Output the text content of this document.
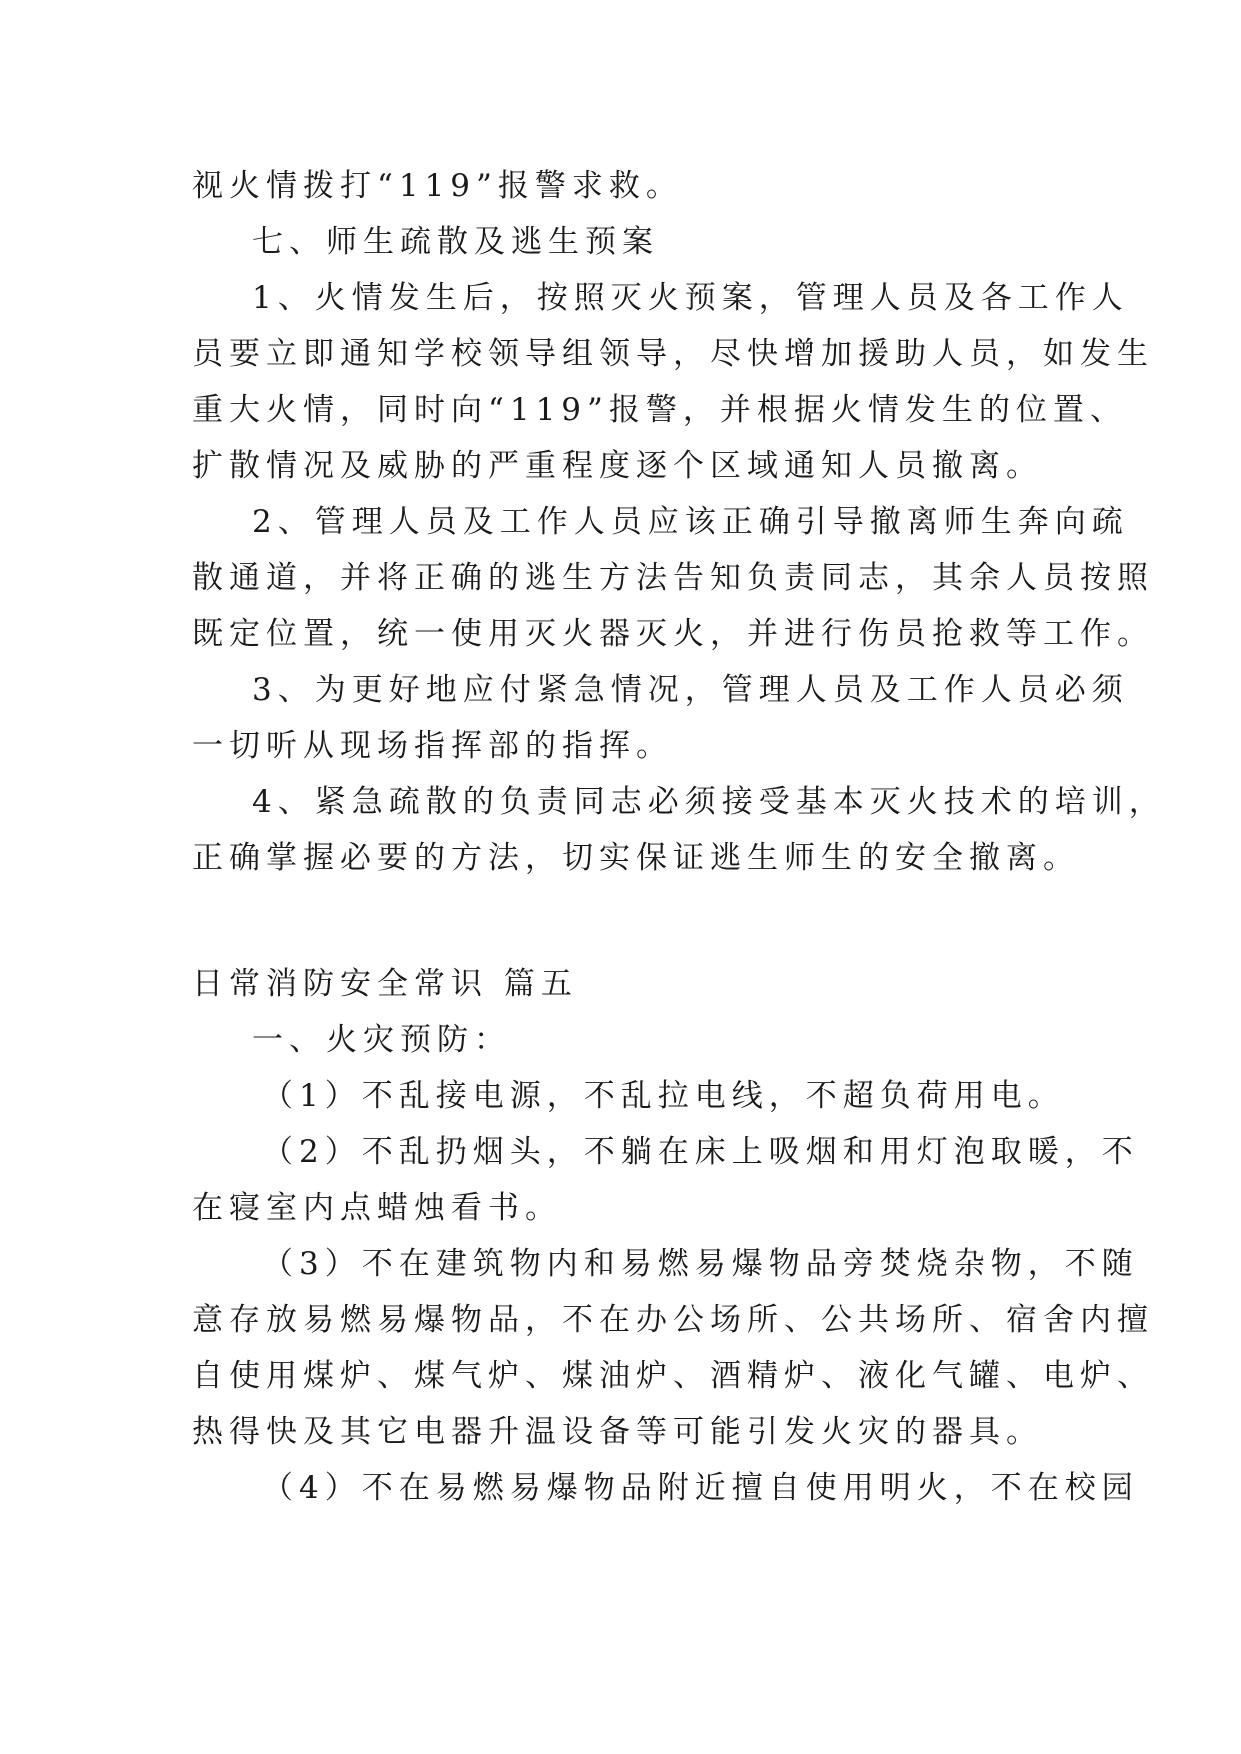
视火情拨打“119”报警求救。
七、师生疏散及逃生预案
1、火情发生后，按照灭火预案，管理人员及各工作人
员要立即通知学校领导组领导，尽快增加援助人员，如发生
重大火情，同时向“119”报警，并根据火情发生的位置、
扩散情况及威胁的严重程度逐个区域通知人员撤离。
2、管理人员及工作人员应该正确引导撤离师生奔向疏
散通道，并将正确的逃生方法告知负责同志，其余人员按照
既定位置，统一使用灭火器灭火，并进行伤员抢救等工作。
3、为更好地应付紧急情况，管理人员及工作人员必须
一切听从现场指挥部的指挥。
4、紧急疏散的负责同志必须接受基本灭火技术的培训，
正确掌握必要的方法，切实保证逃生师生的安全撤离。
日常消防安全常识 篇五
一、火灾预防：
（1）不乱接电源，不乱拉电线，不超负荷用电。
（2）不乱扔烟头，不躺在床上吸烟和用灯泡取暖，不
在寝室内点蜡烛看书。
（3）不在建筑物内和易燃易爆物品旁焚烧杂物，不随
意存放易燃易爆物品，不在办公场所、公共场所、宿舍内擅
自使用煤炉、煤气炉、煤油炉、酒精炉、液化气罐、电炉、
热得快及其它电器升温设备等可能引发火灾的器具。
（4）不在易燃易爆物品附近擅自使用明火，不在校园
